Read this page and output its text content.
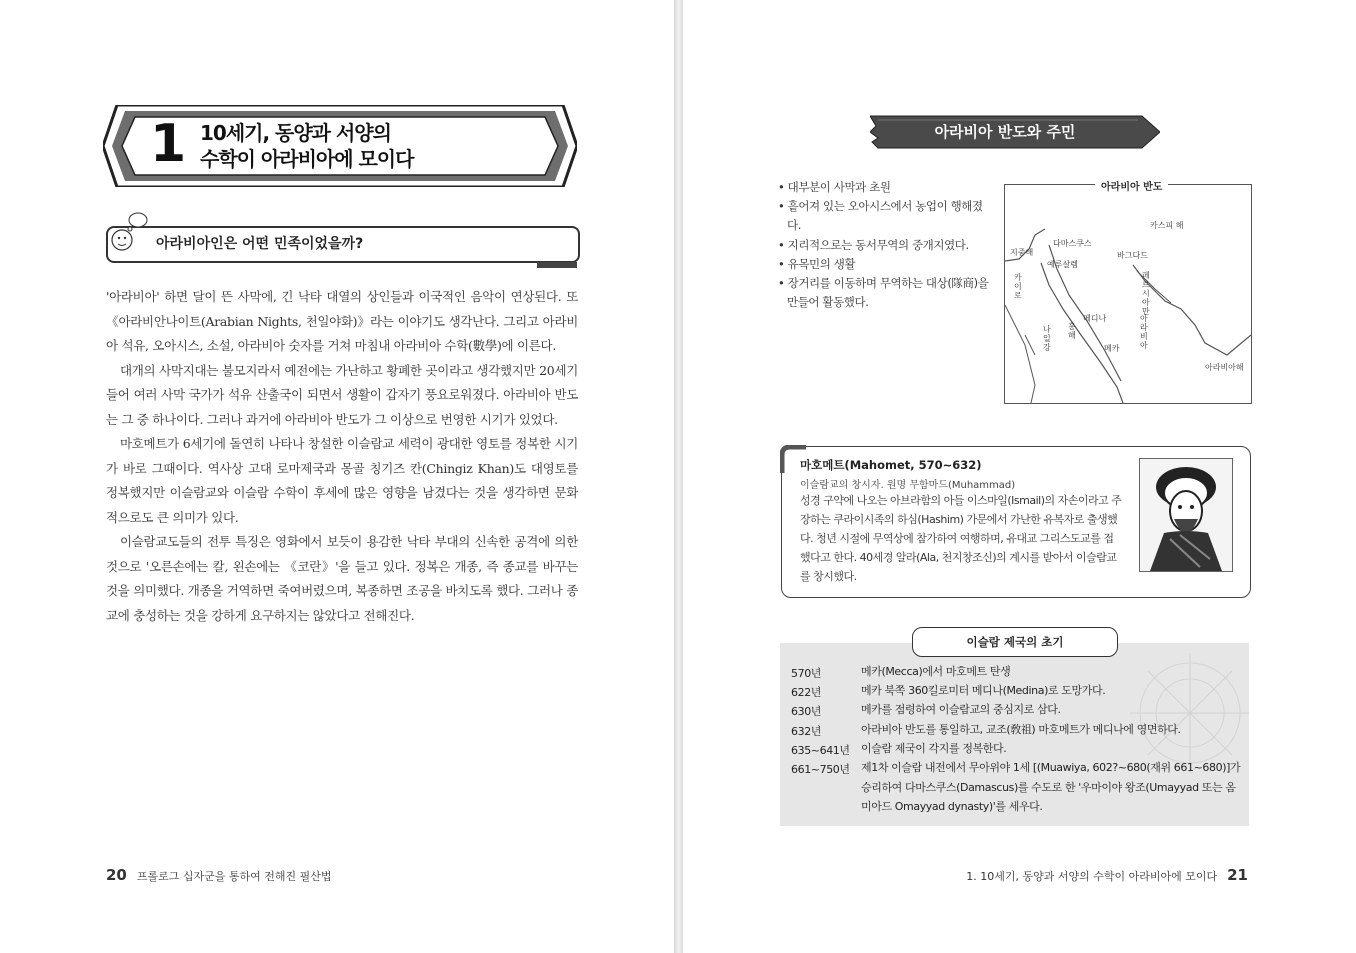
1 10세기, 동양과 서양의
수학이 아라비아에 모이다
아라비아인은 어떤 민족이었을까?

'아라비아' 하면 달이 뜬 사막에, 긴 낙타 대열의 상인들과 이국적인 음악이 연상된다. 또 《아라비안나이트(Arabian Nights, 천일야화)》라는 이야기도 생각난다. 그리고 아라비아 석유, 오아시스, 소설, 아라비아 숫자를 거쳐 마침내 아라비아 수학(數學)에 이른다.

대개의 사막지대는 불모지라서 예전에는 가난하고 황폐한 곳이라고 생각했지만 20세기 들어 여러 사막 국가가 석유 산출국이 되면서 생활이 갑자기 풍요로워졌다. 아라비아 반도는 그 중 하나이다. 그러나 과거에 아라비아 반도가 그 이상으로 번영한 시기가 있었다.

마호메트가 6세기에 돌연히 나타나 창설한 이슬람교 세력이 광대한 영토를 정복한 시기가 바로 그때이다. 역사상 고대 로마제국과 몽골 칭기즈 칸(Chingiz Khan)도 대영토를 정복했지만 이슬람교와 이슬람 수학이 후세에 많은 영향을 남겼다는 것을 생각하면 문화적으로도 큰 의미가 있다.

이슬람교도들의 전투 특징은 영화에서 보듯이 용감한 낙타 부대의 신속한 공격에 의한 것으로 '오른손에는 칼, 왼손에는 《코란》'을 들고 있다. 정복은 개종, 즉 종교를 바꾸는 것을 의미했다. 개종을 거역하면 죽여버렸으며, 복종하면 조공을 바치도록 했다. 그러나 종교에 충성하는 것을 강하게 요구하지는 않았다고 전해진다.

20 프롤로그 십자군을 통하여 전해진 필산법
아라비아 반도와 주민
• 대부분이 사막과 초원
• 흩어져 있는 오아시스에서 농업이 행해졌다.
• 지리적으로는 동서무역의 중개지였다.
• 유목민의 생활
• 장거리를 이동하며 무역하는 대상(隊商)을 만들어 활동했다.
아라비아 반도
카스피 해
다마스쿠스
바그다드
지중해
예루살렘
카이로
페르시아만
메디나
나일강
홍해
아라비아
메카
아라비아해
마호메트(Mahomet, 570~632)
이슬람교의 창시자. 원명 무함마드(Muhammad)
성경 구약에 나오는 아브라함의 아들 이스마일(Ismail)의 자손이라고 주장하는 쿠라이시족의 하심(Hashim) 가문에서 가난한 유복자로 출생했다. 청년 시절에 무역상에 참가하여 여행하며, 유대교 그리스도교를 접했다고 한다. 40세경 알라(Ala, 천지창조신)의 계시를 받아서 이슬람교를 창시했다.
이슬람 제국의 초기
570년	메카(Mecca)에서 마호메트 탄생
622년	메카 북쪽 360킬로미터 메디나(Medina)로 도망가다.
630년	메카를 점령하여 이슬람교의 중심지로 삼다.
632년	아라비아 반도를 통일하고, 교조(敎祖) 마호메트가 메디나에 영면하다.
635~641년 이슬람 제국이 각지를 정복한다.
661~750년 제1차 이슬람 내전에서 무아위야 1세 [(Muawiya, 602?~680(재위 661~680)]가 승리하여 다마스쿠스(Damascus)를 수도로 한 '우마이야 왕조(Umayyad 또는 옴미아드 Omayyad dynasty)'를 세우다.
1. 10세기, 동양과 서양의 수학이 아라비아에 모이다 21
